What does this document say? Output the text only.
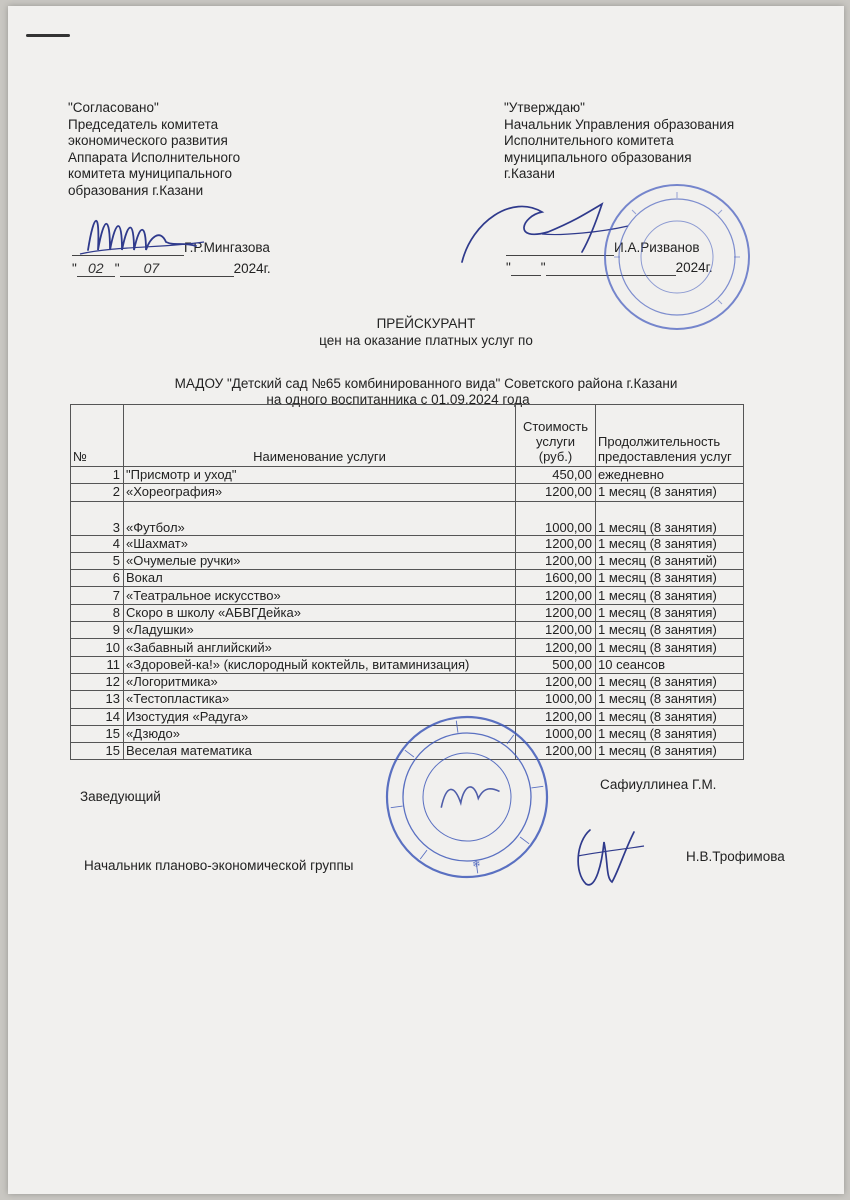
"Согласовано"
Председатель комитета
экономического развития
Аппарата Исполнительного
комитета муниципального
образования г.Казани
Г.Р.Мингазова
" 02 " 07	2024г.
"Утверждаю"
Начальник Управления образования
Исполнительного комитета
муниципального образования
г.Казани
И.А.Ризванов
" "	2024г.
ПРЕЙСКУРАНТ
цен на оказание платных услуг по
МАДОУ "Детский сад №65 комбинированного вида" Советского района г.Казани
на одного воспитанника с 01.09.2024 года
№	Наименование услуги	Стоимость услуги (руб.)	Продолжительность предоставления услуг
1	"Присмотр и уход"	450,00	ежедневно
2	«Хореография»	1200,00	1 месяц (8 занятия)
3	«Футбол»	1000,00	1 месяц (8 занятия)
4	«Шахмат»	1200,00	1 месяц (8 занятия)
5	«Очумелые ручки»	1200,00	1 месяц (8 занятий)
6	Вокал	1600,00	1 месяц (8 занятия)
7	«Театральное искусство»	1200,00	1 месяц (8 занятия)
8	Скоро в школу «АБВГДейка»	1200,00	1 месяц (8 занятия)
9	«Ладушки»	1200,00	1 месяц (8 занятия)
10	«Забавный английский»	1200,00	1 месяц (8 занятия)
11	«Здоровей-ка!» (кислородный коктейль, витаминизация)	500,00	10 сеансов
12	«Логоритмика»	1200,00	1 месяц (8 занятия)
13	«Тестопластика»	1000,00	1 месяц (8 занятия)
14	Изостудия «Радуга»	1200,00	1 месяц (8 занятия)
15	«Дзюдо»	1000,00	1 месяц (8 занятия)
15	Веселая математика	1200,00	1 месяц (8 занятия)
❄
Заведующий
Сафиуллинеа Г.М.
Начальник планово-экономической группы
Н.В.Трофимова
